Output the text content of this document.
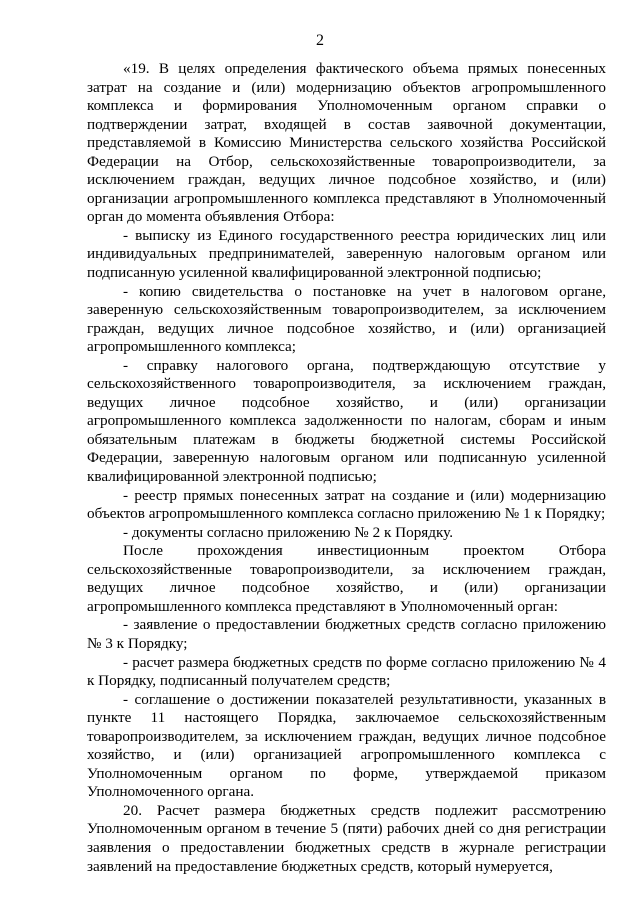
2

«19. В целях определения фактического объема прямых понесенных затрат на создание и (или) модернизацию объектов агропромышленного комплекса и формирования Уполномоченным органом справки о подтверждении затрат, входящей в состав заявочной документации, представляемой в Комиссию Министерства сельского хозяйства Российской Федерации на Отбор, сельскохозяйственные товаропроизводители, за исключением граждан, ведущих личное подсобное хозяйство, и (или) организации агропромышленного комплекса представляют в Уполномоченный орган до момента объявления Отбора:

- выписку из Единого государственного реестра юридических лиц или индивидуальных предпринимателей, заверенную налоговым органом или подписанную усиленной квалифицированной электронной подписью;

- копию свидетельства о постановке на учет в налоговом органе, заверенную сельскохозяйственным товаропроизводителем, за исключением граждан, ведущих личное подсобное хозяйство, и (или) организацией агропромышленного комплекса;

- справку налогового органа, подтверждающую отсутствие у сельскохозяйственного товаропроизводителя, за исключением граждан, ведущих личное подсобное хозяйство, и (или) организации агропромышленного комплекса задолженности по налогам, сборам и иным обязательным платежам в бюджеты бюджетной системы Российской Федерации, заверенную налоговым органом или подписанную усиленной квалифицированной электронной подписью;

- реестр прямых понесенных затрат на создание и (или) модернизацию объектов агропромышленного комплекса согласно приложению № 1 к Порядку;

- документы согласно приложению № 2 к Порядку.

После прохождения инвестиционным проектом Отбора сельскохозяйственные товаропроизводители, за исключением граждан, ведущих личное подсобное хозяйство, и (или) организации агропромышленного комплекса представляют в Уполномоченный орган:

- заявление о предоставлении бюджетных средств согласно приложению № 3 к Порядку;

- расчет размера бюджетных средств по форме согласно приложению № 4 к Порядку, подписанный получателем средств;

- соглашение о достижении показателей результативности, указанных в пункте 11 настоящего Порядка, заключаемое сельскохозяйственным товаропроизводителем, за исключением граждан, ведущих личное подсобное хозяйство, и (или) организацией агропромышленного комплекса с Уполномоченным органом по форме, утверждаемой приказом Уполномоченного органа.

20. Расчет размера бюджетных средств подлежит рассмотрению Уполномоченным органом в течение 5 (пяти) рабочих дней со дня регистрации заявления о предоставлении бюджетных средств в журнале регистрации заявлений на предоставление бюджетных средств, который нумеруется,
